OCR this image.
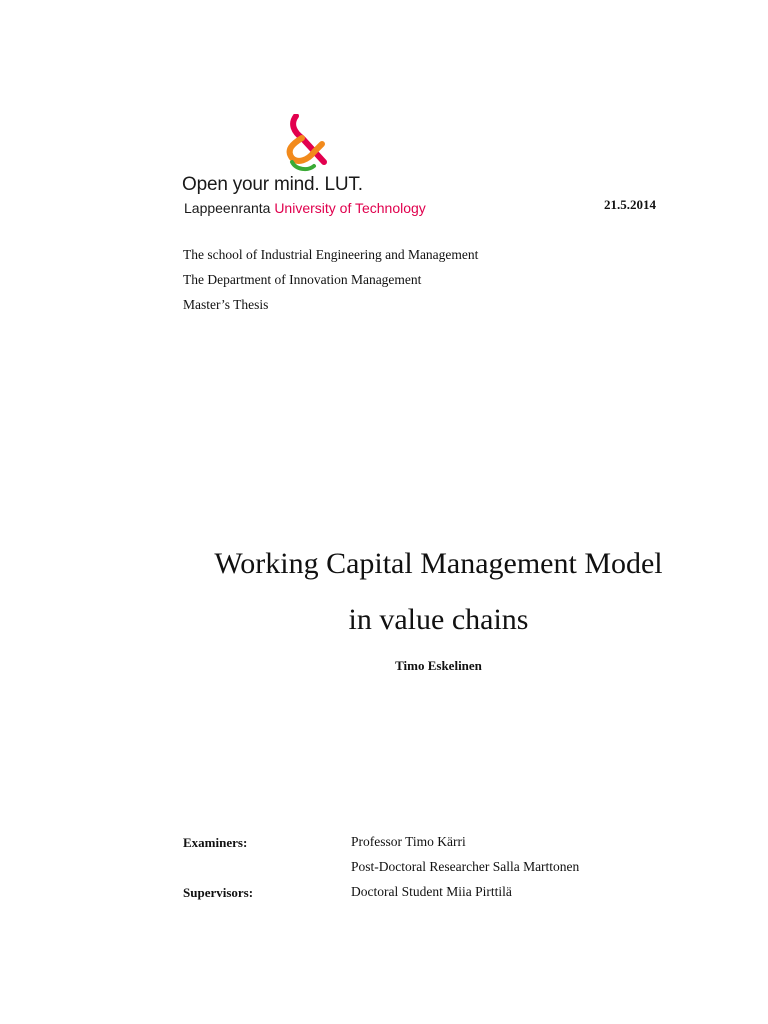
Open your mind. LUT.
Lappeenranta University of Technology	21.5.2014
The school of Industrial Engineering and Management
The Department of Innovation Management
Master’s Thesis
Working Capital Management Model
in value chains
Timo Eskelinen
Examiners:	Professor Timo Kärri
Post-Doctoral Researcher Salla Marttonen
Supervisors:	Doctoral Student Miia Pirttilä
